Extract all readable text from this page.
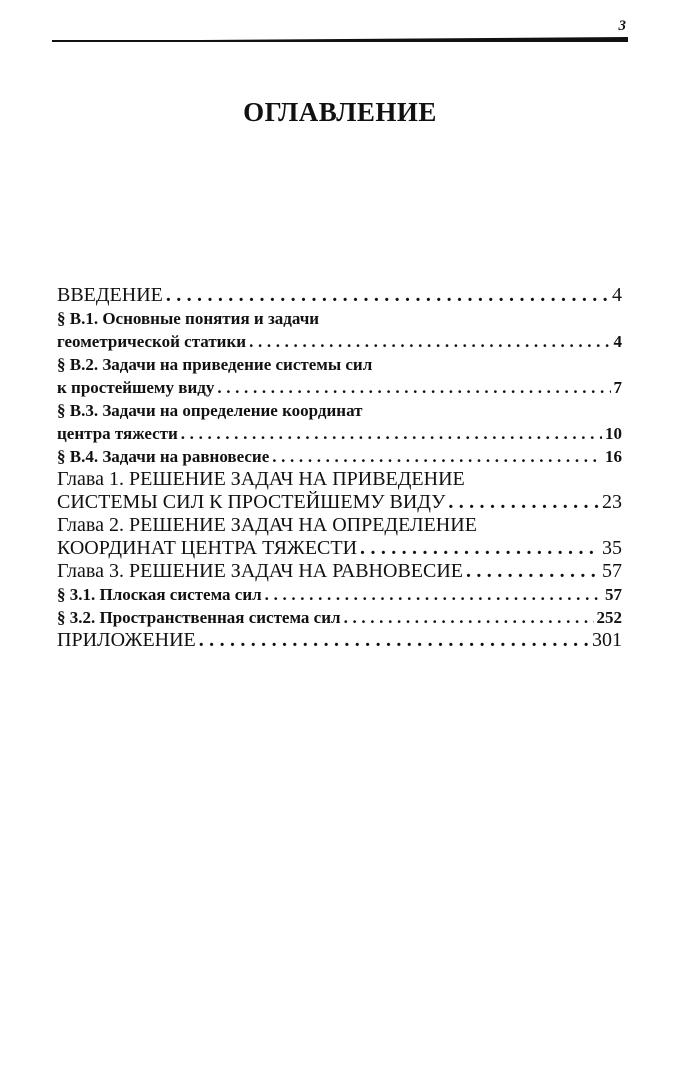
3
ОГЛАВЛЕНИЕ
ВВЕДЕНИЕ . . .	4
§ В.1. Основные понятия и задачи
геометрической статики . . .	4
§ В.2. Задачи на приведение системы сил
к простейшему виду . . .	7
§ В.3. Задачи на определение координат
центра тяжести . . .	10
§ В.4. Задачи на равновесие . . .	16
Глава 1. РЕШЕНИЕ ЗАДАЧ НА ПРИВЕДЕНИЕ
СИСТЕМЫ СИЛ К ПРОСТЕЙШЕМУ ВИДУ . . .	23
Глава 2. РЕШЕНИЕ ЗАДАЧ НА ОПРЕДЕЛЕНИЕ
КООРДИНАТ ЦЕНТРА ТЯЖЕСТИ . . .	35
Глава 3. РЕШЕНИЕ ЗАДАЧ НА РАВНОВЕСИЕ . . .	57
§ 3.1. Плоская система сил . . .	57
§ 3.2. Пространственная система сил . . .	252
ПРИЛОЖЕНИЕ . . .	301
